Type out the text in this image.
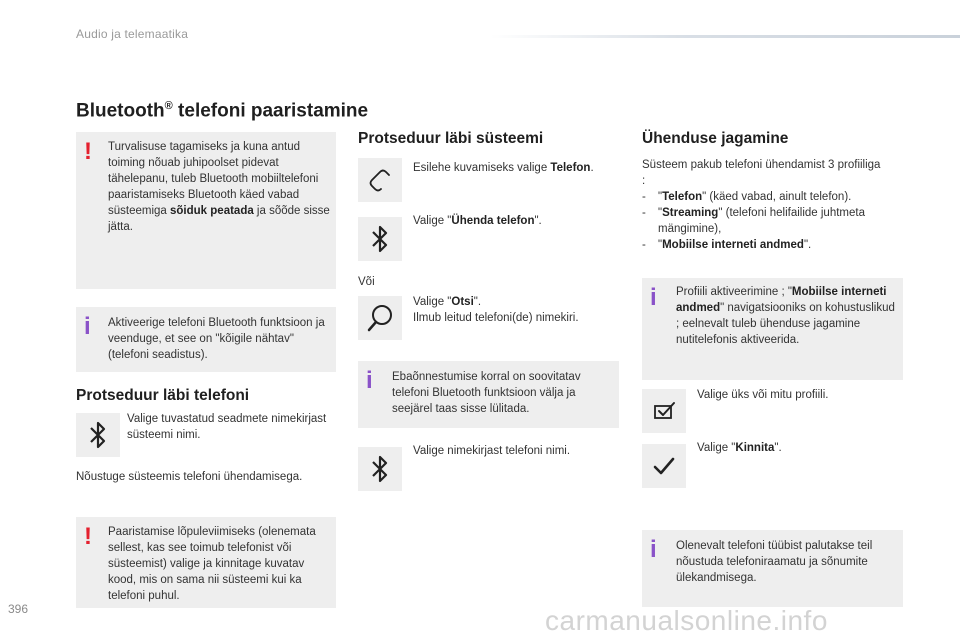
Audio ja telemaatika
Bluetooth® telefoni paaristamine
! Turvalisuse tagamiseks ja kuna antud toiming nõuab juhipoolset pidevat tähelepanu, tuleb Bluetooth mobiiltelefoni paaristamiseks Bluetooth käed vabad süsteemiga sõiduk peatada ja sõõde sisse jätta.
i Aktiveerige telefoni Bluetooth funktsioon ja veenduge, et see on "kõigile nähtav" (telefoni seadistus).
Protseduur läbi telefoni
Valige tuvastatud seadmete nimekirjast süsteemi nimi.
Nõustuge süsteemis telefoni ühendamisega.
! Paaristamise lõpuleviimiseks (olenemata sellest, kas see toimub telefonist või süsteemist) valige ja kinnitage kuvatav kood, mis on sama nii süsteemi kui ka telefoni puhul.
Protseduur läbi süsteemi
Esilehe kuvamiseks valige Telefon.
Valige "Ühenda telefon".
Või
Valige "Otsi".
Ilmub leitud telefoni(de) nimekiri.
i Ebaõnnestumise korral on soovitatav telefoni Bluetooth funktsioon välja ja seejärel taas sisse lülitada.
Valige nimekirjast telefoni nimi.
Ühenduse jagamine
Süsteem pakub telefoni ühendamist 3 profiiliga :
-	"Telefon" (käed vabad, ainult telefon).
-	"Streaming" (telefoni helifailide juhtmeta mängimine),
-	"Mobiilse interneti andmed".
i Profiili aktiveerimine ; "Mobiilse interneti andmed" navigatsiooniks on kohustuslikud ; eelnevalt tuleb ühenduse jagamine nutitelefonis aktiveerida.
Valige üks või mitu profiili.
Valige "Kinnita".
i Olenevalt telefoni tüübist palutakse teil nõustuda telefoniraamatu ja sõnumite ülekandmisega.
396	carmanualsonline.info
